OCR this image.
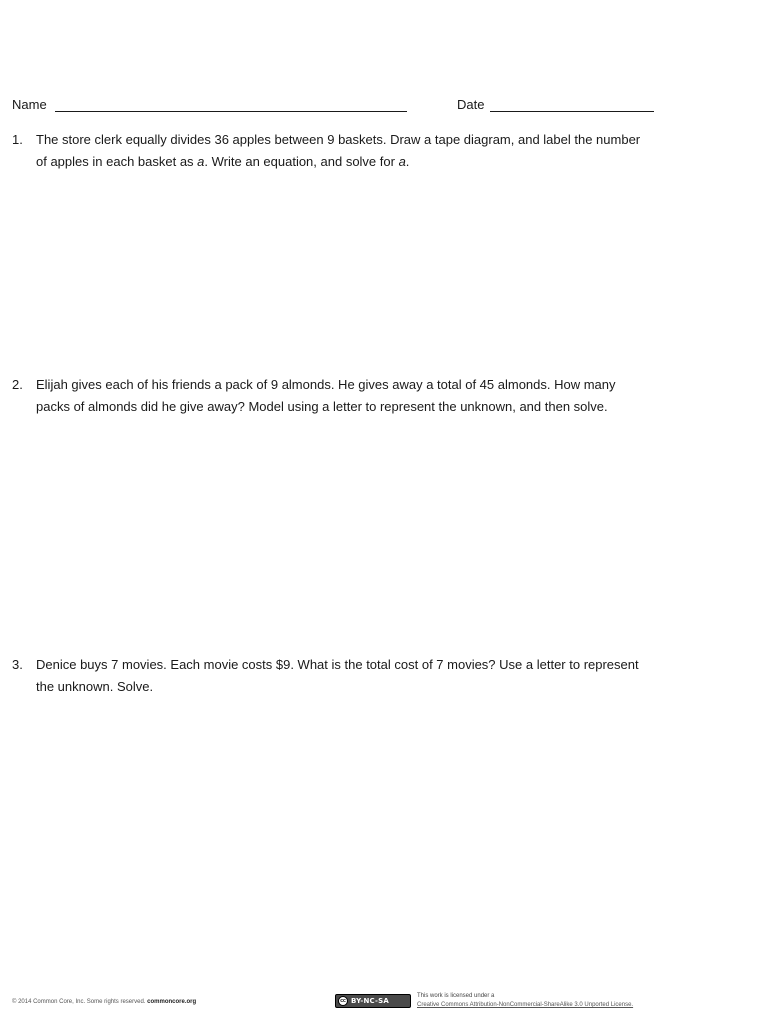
Name	Date
1. The store clerk equally divides 36 apples between 9 baskets. Draw a tape diagram, and label the number
of apples in each basket as a. Write an equation, and solve for a.
2. Elijah gives each of his friends a pack of 9 almonds. He gives away a total of 45 almonds. How many
packs of almonds did he give away? Model using a letter to represent the unknown, and then solve.
3. Denice buys 7 movies. Each movie costs $9. What is the total cost of 7 movies? Use a letter to represent
the unknown. Solve.
© 2014 Common Core, Inc. Some rights reserved. commoncore.org	cc BY-NC-SA
This work is licensed under a
Creative Commons Attribution-NonCommercial-ShareAlike 3.0 Unported License.
